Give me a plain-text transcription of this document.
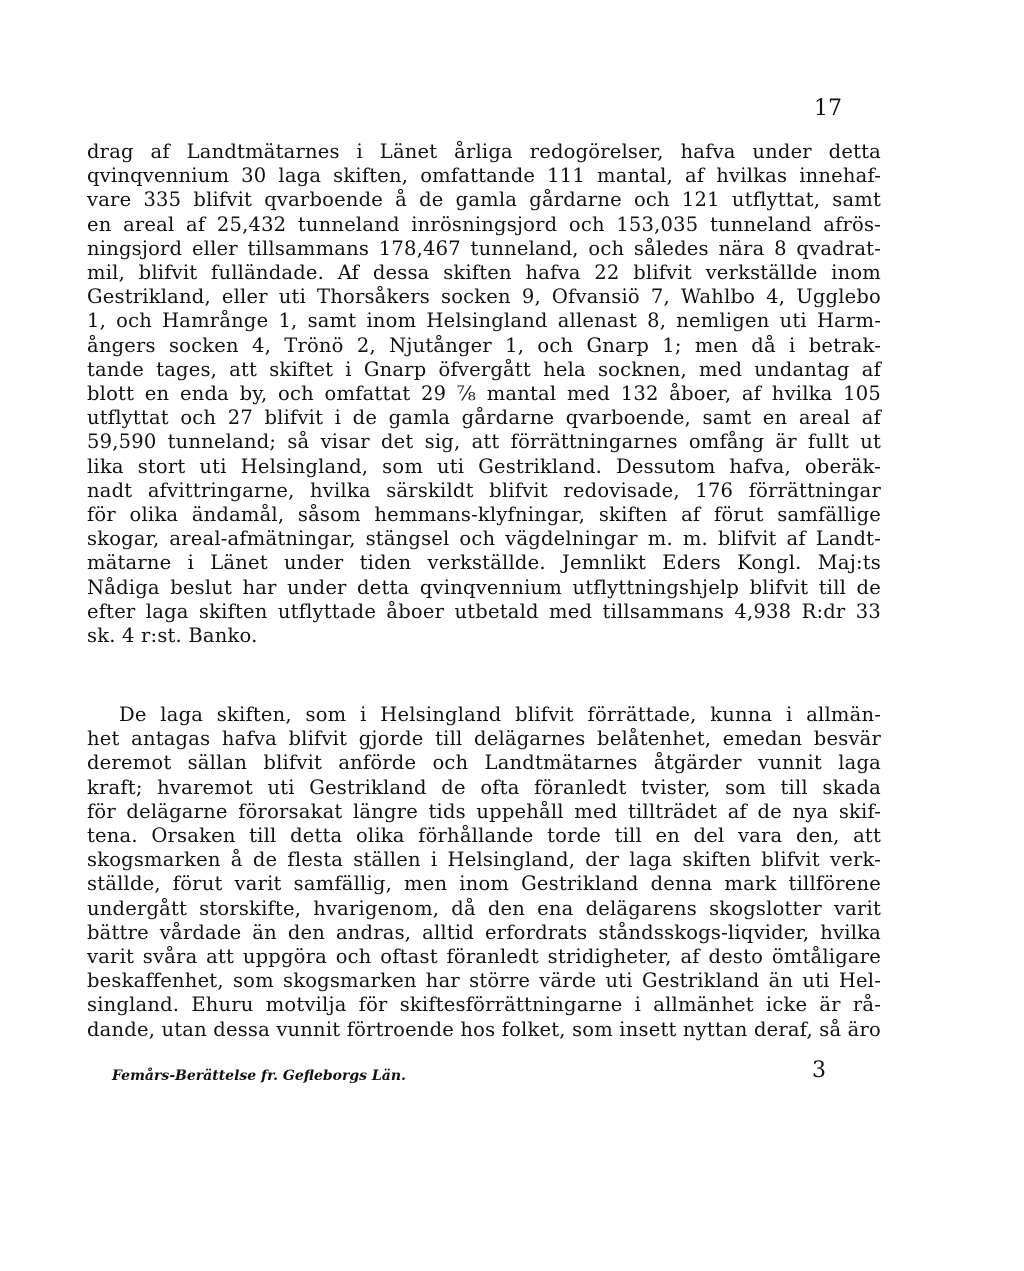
17
drag af Landtmätarnes i Länet årliga redogörelser, hafva under detta
qvinqvennium 30 laga skiften, omfattande 111 mantal, af hvilkas innehaf-
vare 335 blifvit qvarboende å de gamla gårdarne och 121 utflyttat, samt
en areal af 25,432 tunneland inrösningsjord och 153,035 tunneland afrös-
ningsjord eller tillsammans 178,467 tunneland, och således nära 8 qvadrat-
mil, blifvit fulländade. Af dessa skiften hafva 22 blifvit verkställde inom
Gestrikland, eller uti Thorsåkers socken 9, Ofvansiö 7, Wahlbo 4, Ugglebo
1, och Hamrånge 1, samt inom Helsingland allenast 8, nemligen uti Harm-
ångers socken 4, Trönö 2, Njutånger 1, och Gnarp 1; men då i betrak-
tande tages, att skiftet i Gnarp öfvergått hela socknen, med undantag af
blott en enda by, och omfattat 29 ⅞ mantal med 132 åboer, af hvilka 105
utflyttat och 27 blifvit i de gamla gårdarne qvarboende, samt en areal af
59,590 tunneland; så visar det sig, att förrättningarnes omfång är fullt ut
lika stort uti Helsingland, som uti Gestrikland. Dessutom hafva, oberäk-
nadt afvittringarne, hvilka särskildt blifvit redovisade, 176 förrättningar
för olika ändamål, såsom hemmans-klyfningar, skiften af förut samfällige
skogar, areal-afmätningar, stängsel och vägdelningar m. m. blifvit af Landt-
mätarne i Länet under tiden verkställde. Jemnlikt Eders Kongl. Maj:ts
Nådiga beslut har under detta qvinqvennium utflyttningshjelp blifvit till de
efter laga skiften utflyttade åboer utbetald med tillsammans 4,938 R:dr 33
sk. 4 r:st. Banko.
De laga skiften, som i Helsingland blifvit förrättade, kunna i allmän-
het antagas hafva blifvit gjorde till delägarnes belåtenhet, emedan besvär
deremot sällan blifvit anförde och Landtmätarnes åtgärder vunnit laga
kraft; hvaremot uti Gestrikland de ofta föranledt tvister, som till skada
för delägarne förorsakat längre tids uppehåll med tillträdet af de nya skif-
tena. Orsaken till detta olika förhållande torde till en del vara den, att
skogsmarken å de flesta ställen i Helsingland, der laga skiften blifvit verk-
ställde, förut varit samfällig, men inom Gestrikland denna mark tillförene
undergått storskifte, hvarigenom, då den ena delägarens skogslotter varit
bättre vårdade än den andras, alltid erfordrats ståndsskogs-liqvider, hvilka
varit svåra att uppgöra och oftast föranledt stridigheter, af desto ömtåligare
beskaffenhet, som skogsmarken har större värde uti Gestrikland än uti Hel-
singland. Ehuru motvilja för skiftesförrättningarne i allmänhet icke är rå-
dande, utan dessa vunnit förtroende hos folket, som insett nyttan deraf, så äro
Femårs-Berättelse fr. Gefleborgs Län.	3
